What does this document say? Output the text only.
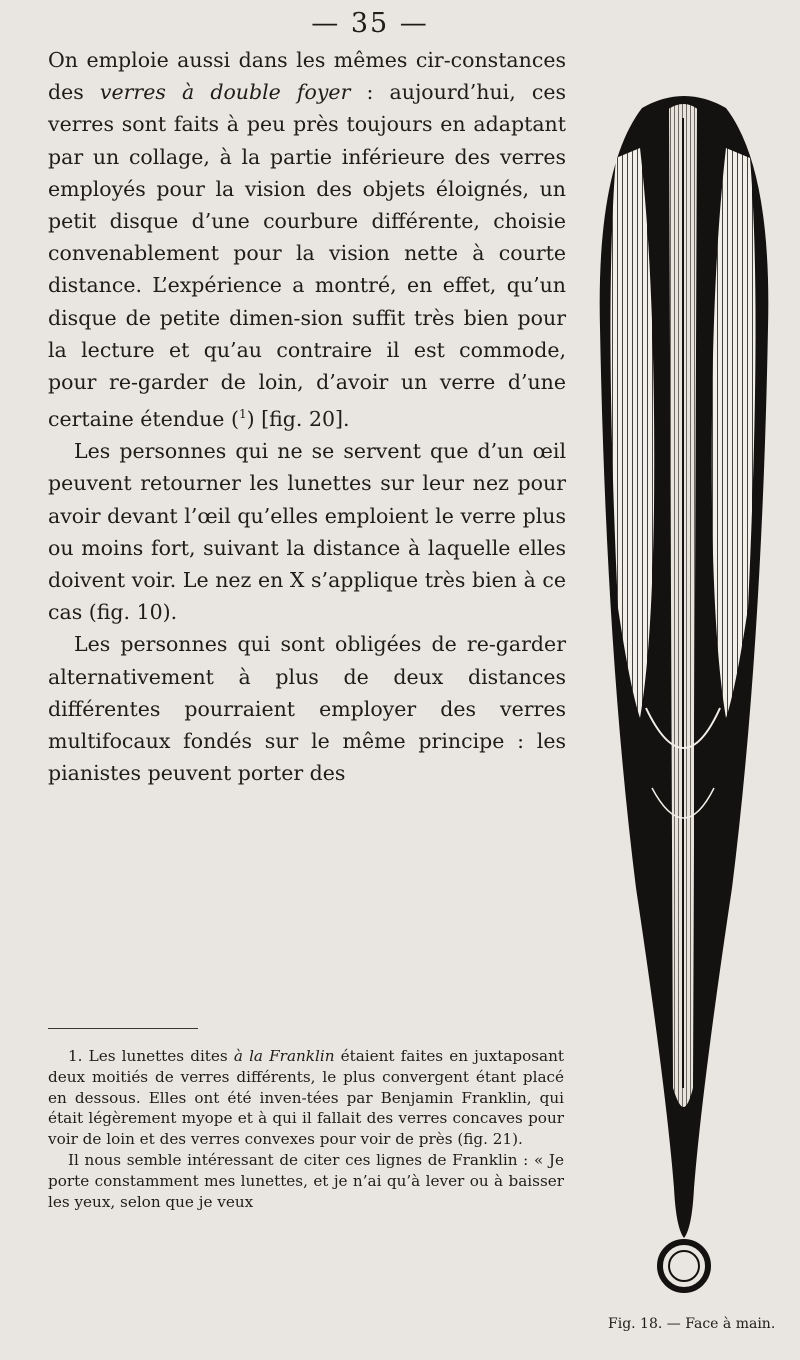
— 35 —

On emploie aussi dans les mêmes cir-constances des verres à double foyer : aujourd’hui, ces verres sont faits à peu près toujours en adaptant par un collage, à la partie inférieure des verres employés pour la vision des objets éloignés, un petit disque d’une courbure différente, choisie convenablement pour la vision nette à courte distance. L’expérience a montré, en effet, qu’un disque de petite dimen-sion suffit très bien pour la lecture et qu’au contraire il est commode, pour re-garder de loin, d’avoir un verre d’une certaine étendue ($^1$) [fig. 20].

Les personnes qui ne se servent que d’un œil peuvent retourner les lunettes sur leur nez pour avoir devant l’œil qu’elles emploient le verre plus ou moins fort, suivant la distance à laquelle elles doivent voir. Le nez en X s’applique très bien à ce cas (fig. 10).

Les personnes qui sont obligées de re-garder alternativement à plus de deux distances différentes pourraient employer des verres multifocaux fondés sur le même principe : les pianistes peuvent porter des

1. Les lunettes dites à la Franklin étaient faites en juxtaposant deux moitiés de verres différents, le plus convergent étant placé en dessous. Elles ont été inven-tées par Benjamin Franklin, qui était légèrement myope et à qui il fallait des verres concaves pour voir de loin et des verres convexes pour voir de près (fig. 21).

Il nous semble intéressant de citer ces lignes de Franklin : « Je porte constamment mes lunettes, et je n’ai qu’à lever ou à baisser les yeux, selon que je veux

Fig. 18. — Face à main.
